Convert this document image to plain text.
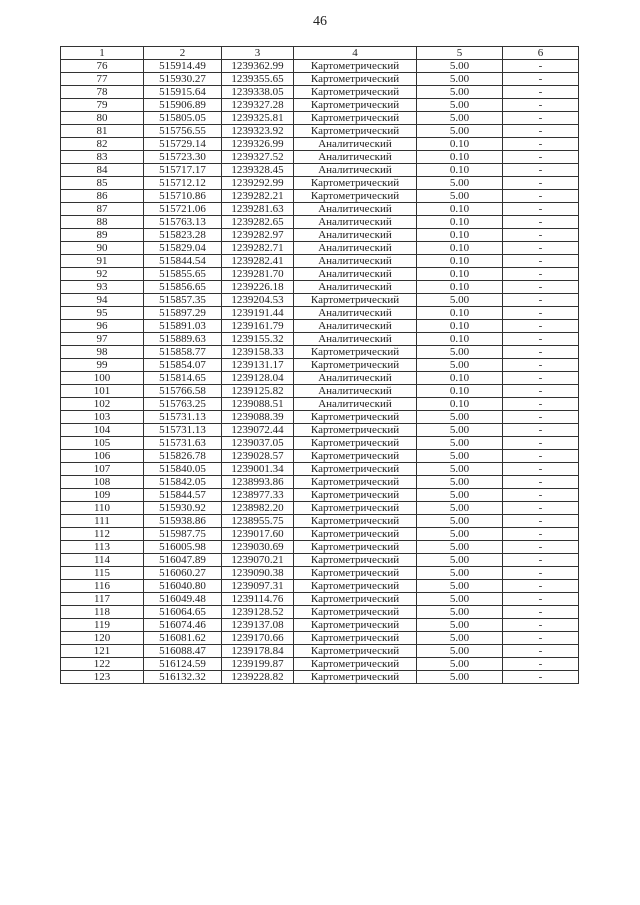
46
1	2	3	4	5	6
76	515914.49	1239362.99	Картометрический	5.00	-
77	515930.27	1239355.65	Картометрический	5.00	-
78	515915.64	1239338.05	Картометрический	5.00	-
79	515906.89	1239327.28	Картометрический	5.00	-
80	515805.05	1239325.81	Картометрический	5.00	-
81	515756.55	1239323.92	Картометрический	5.00	-
82	515729.14	1239326.99	Аналитический	0.10	-
83	515723.30	1239327.52	Аналитический	0.10	-
84	515717.17	1239328.45	Аналитический	0.10	-
85	515712.12	1239292.99	Картометрический	5.00	-
86	515710.86	1239282.21	Картометрический	5.00	-
87	515721.06	1239281.63	Аналитический	0.10	-
88	515763.13	1239282.65	Аналитический	0.10	-
89	515823.28	1239282.97	Аналитический	0.10	-
90	515829.04	1239282.71	Аналитический	0.10	-
91	515844.54	1239282.41	Аналитический	0.10	-
92	515855.65	1239281.70	Аналитический	0.10	-
93	515856.65	1239226.18	Аналитический	0.10	-
94	515857.35	1239204.53	Картометрический	5.00	-
95	515897.29	1239191.44	Аналитический	0.10	-
96	515891.03	1239161.79	Аналитический	0.10	-
97	515889.63	1239155.32	Аналитический	0.10	-
98	515858.77	1239158.33	Картометрический	5.00	-
99	515854.07	1239131.17	Картометрический	5.00	-
100	515814.65	1239128.04	Аналитический	0.10	-
101	515766.58	1239125.82	Аналитический	0.10	-
102	515763.25	1239088.51	Аналитический	0.10	-
103	515731.13	1239088.39	Картометрический	5.00	-
104	515731.13	1239072.44	Картометрический	5.00	-
105	515731.63	1239037.05	Картометрический	5.00	-
106	515826.78	1239028.57	Картометрический	5.00	-
107	515840.05	1239001.34	Картометрический	5.00	-
108	515842.05	1238993.86	Картометрический	5.00	-
109	515844.57	1238977.33	Картометрический	5.00	-
110	515930.92	1238982.20	Картометрический	5.00	-
111	515938.86	1238955.75	Картометрический	5.00	-
112	515987.75	1239017.60	Картометрический	5.00	-
113	516005.98	1239030.69	Картометрический	5.00	-
114	516047.89	1239070.21	Картометрический	5.00	-
115	516060.27	1239090.38	Картометрический	5.00	-
116	516040.80	1239097.31	Картометрический	5.00	-
117	516049.48	1239114.76	Картометрический	5.00	-
118	516064.65	1239128.52	Картометрический	5.00	-
119	516074.46	1239137.08	Картометрический	5.00	-
120	516081.62	1239170.66	Картометрический	5.00	-
121	516088.47	1239178.84	Картометрический	5.00	-
122	516124.59	1239199.87	Картометрический	5.00	-
123	516132.32	1239228.82	Картометрический	5.00	-
